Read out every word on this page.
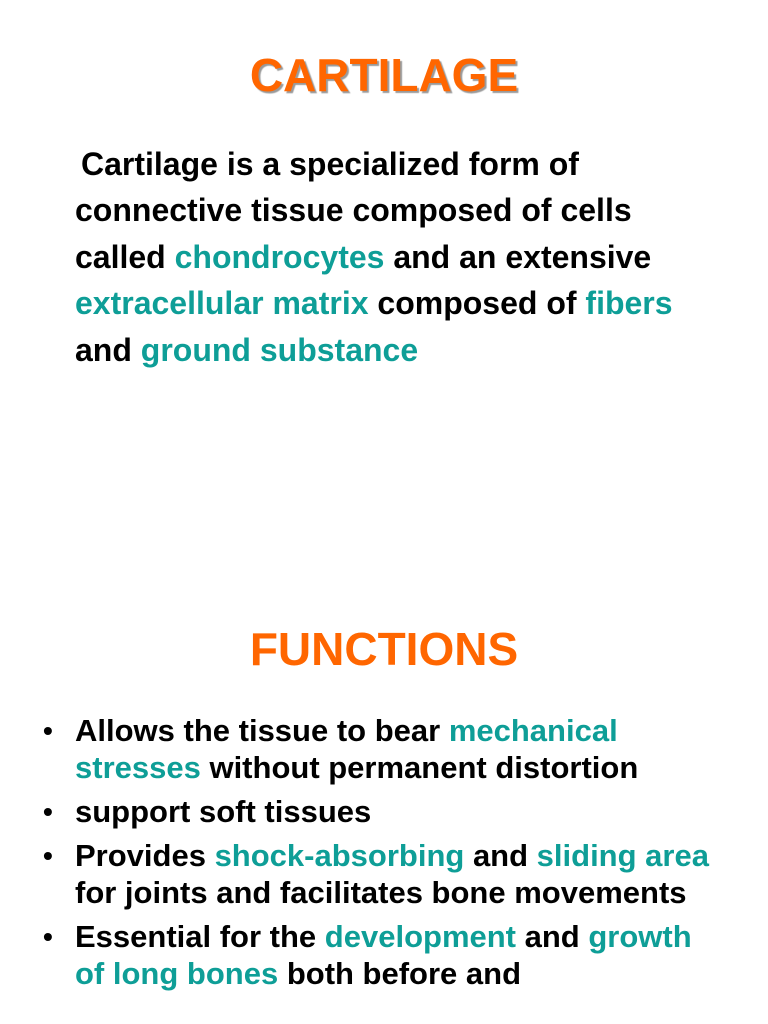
CARTILAGE

Cartilage is a specialized form of connective tissue composed of cells called chondrocytes and an extensive extracellular matrix composed of fibers and ground substance

FUNCTIONS
• Allows the tissue to bear mechanical stresses without permanent distortion
• support soft tissues
• Provides shock-absorbing and sliding area for joints and facilitates bone movements
• Essential for the development and growth of long bones both before and
